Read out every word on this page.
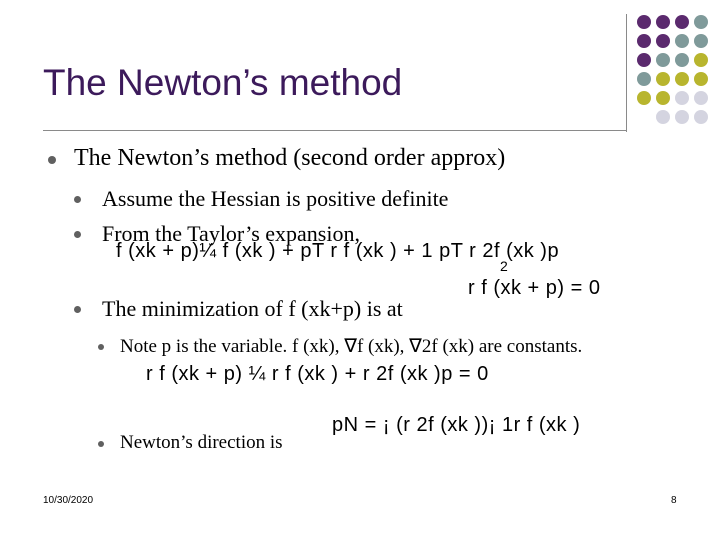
The Newton’s method
The Newton’s method (second order approx)
Assume the Hessian is positive definite
From the Taylor’s expansion,
f (xk + p)¼ f (xk ) + pT r f (xk ) + 1 pT r 2f (xk )p
2
The minimization of f (xk+p) is at
r f (xk + p) = 0
Note p is the variable. f (xk), ∇f (xk), ∇2f (xk) are constants.
r f (xk + p) ¼ r f (xk ) + r 2f (xk )p = 0
Newton’s direction is
pN = ¡ (r 2f (xk ))¡ 1r f (xk )
10/30/2020	8
